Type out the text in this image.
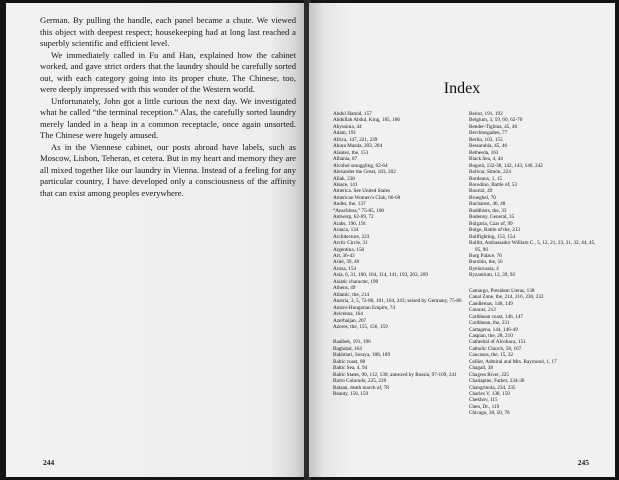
German. By pulling the handle, each panel became a chute. We viewed this object with deepest respect; housekeeping had at long last reached a superbly scientific and efficient level.

We immediately called in Fu and Han, explained how the cabinet worked, and gave strict orders that the laundry should be carefully sorted out, with each category going into its proper chute. The Chinese, too, were deeply impressed with this wonder of the Western world.

Unfortunately, John got a little curious the next day. We investigated what he called “the terminal reception.” Alas, the carefully sorted laundry merely landed in a heap in a common receptacle, once again unsorted. The Chinese were hugely amused.

As in the Viennese cabinet, our posts abroad have labels, such as Moscow, Lisbon, Teheran, et cetera. But in my heart and memory they are all mixed together like our laundry in Vienna. Instead of a feeling for any particular country, I have developed only a consciousness of the affinity that can exist among peoples everywhere.

244
Index
Abdul Hamid, 157
Abdullah Abdul, King, 185, 186
Abyssinia, 44
Adam, 191
Africa, 147, 221, 239
Ahura Mazda, 203, 204
Alantez, the, 151
Albania, 87
Alcohol smuggling, 62-64
Alexander the Great, 183, 202
Allah, 238
Alsace, 141
America. See United States
American Women’s Club, 66-68
Andes, the, 137
“Anschluss,” 75-85, 100
Antwerp, 62-69, 72
Arabs, 190, 191
Arauca, 134
Architecture, 223
Arctic Circle, 31
Argentina, 158
Art, 36-43
Ariel, 39, 40
Aruza, 154
Asia, 6, 31, 100, 104, 114, 141, 193, 203, 209
Asiatic character, 190
Athens, 49
Atlantic, the, 214
Austria, 3, 5, 72-86, 101, 104, 243; seized by Germany, 75-86
Austro-Hungarian Empire, 74
Avicenna, 164
Azerbaijan, 207
Azores, the, 155, 156, 159
Baalbek, 191, 196
Baghdad, 164
Bakhtiari, Soraya, 188, 189
Baltic coast, 88
Baltic Sea, 4, 94
Baltic States, 90, 112, 130; annexed by Russia, 97-109, 241
Barro Colorado, 225, 226
Bataan, death march of, 78
Beauty, 158, 159
Beirut, 191, 192
Belgium, 3, 59, 60, 62-70
Bender-Tighina, 45, 46
Berchtesgaden, 77
Berlin, 103, 155
Bessarabia, 45, 46
Bethesda, 163
Black Sea, 4, 44
Bogotá, 132-38, 142, 143, 146, 242
Bolívar, Simón, 224
Bordeaux, 1, 15
Borodino, Battle of, 53
Bourtzi, 49
Brueghel, 70
Bucharest, 46, 48
Buddhists, the, 33
Budenny, General, 35
Bulgaria, Czar of, 99
Bulge, Battle of the, 213
Bullfighting, 153, 154
Bullitt, Ambassador William C., 5, 12, 21, 23, 31, 32, 44, 45, 95, 96
Burg Palace, 76
Burobin, the, 56
Byelorussia, 4
Byzantium, 12, 39, 92
Camargo, President Lleras, 138
Canal Zone, the, 214, 216, 230, 232
Candlemas, 148, 149
Caracas, 212
Caribbean coast, 146, 147
Caribbean, the, 231
Cartagena, 144, 146-49
Caspian, the, 28, 210
Cathedral of Alcobaca, 151
Catholic Church, 58, 167
Caucasus, the, 15, 32
Cellier, Admiral and Mrs. Raymond, 1, 17
Chagall, 38
Chagres River, 225
Chaliapine, Father, 234-36
Changrinola, 234, 235
Charles V, 138, 159
Chekhov, 115
Chen, Dr., 119
Chicago, 38, 50, 78
245
